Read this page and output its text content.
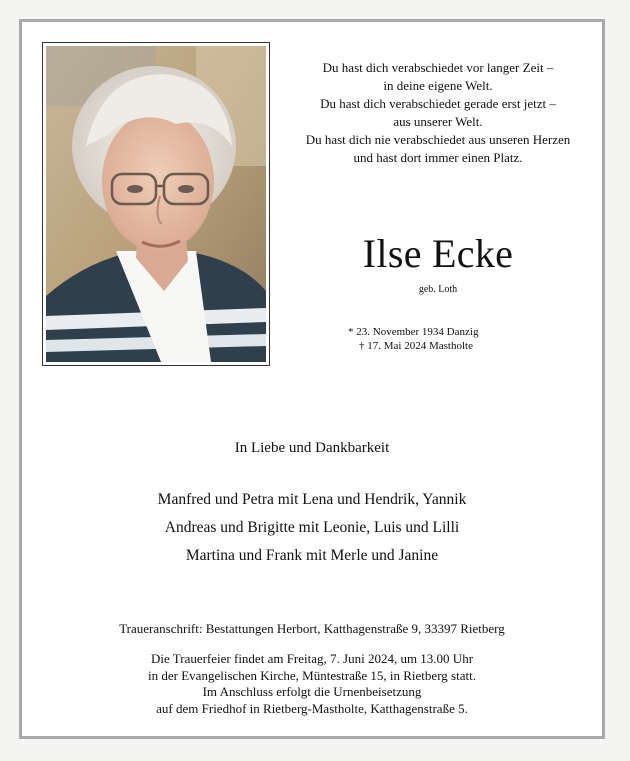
Du hast dich verabschiedet vor langer Zeit –
in deine eigene Welt.
Du hast dich verabschiedet gerade erst jetzt –
aus unserer Welt.
Du hast dich nie verabschiedet aus unseren Herzen
und hast dort immer einen Platz.
Ilse Ecke
geb. Loth
* 23. November 1934 Danzig
† 17. Mai 2024 Mastholte
In Liebe und Dankbarkeit
Manfred und Petra mit Lena und Hendrik, Yannik
Andreas und Brigitte mit Leonie, Luis und Lilli
Martina und Frank mit Merle und Janine
Traueranschrift: Bestattungen Herbort, Katthagenstraße 9, 33397 Rietberg
Die Trauerfeier findet am Freitag, 7. Juni 2024, um 13.00 Uhr
in der Evangelischen Kirche, Müntestraße 15, in Rietberg statt.
Im Anschluss erfolgt die Urnenbeisetzung
auf dem Friedhof in Rietberg-Mastholte, Katthagenstraße 5.
